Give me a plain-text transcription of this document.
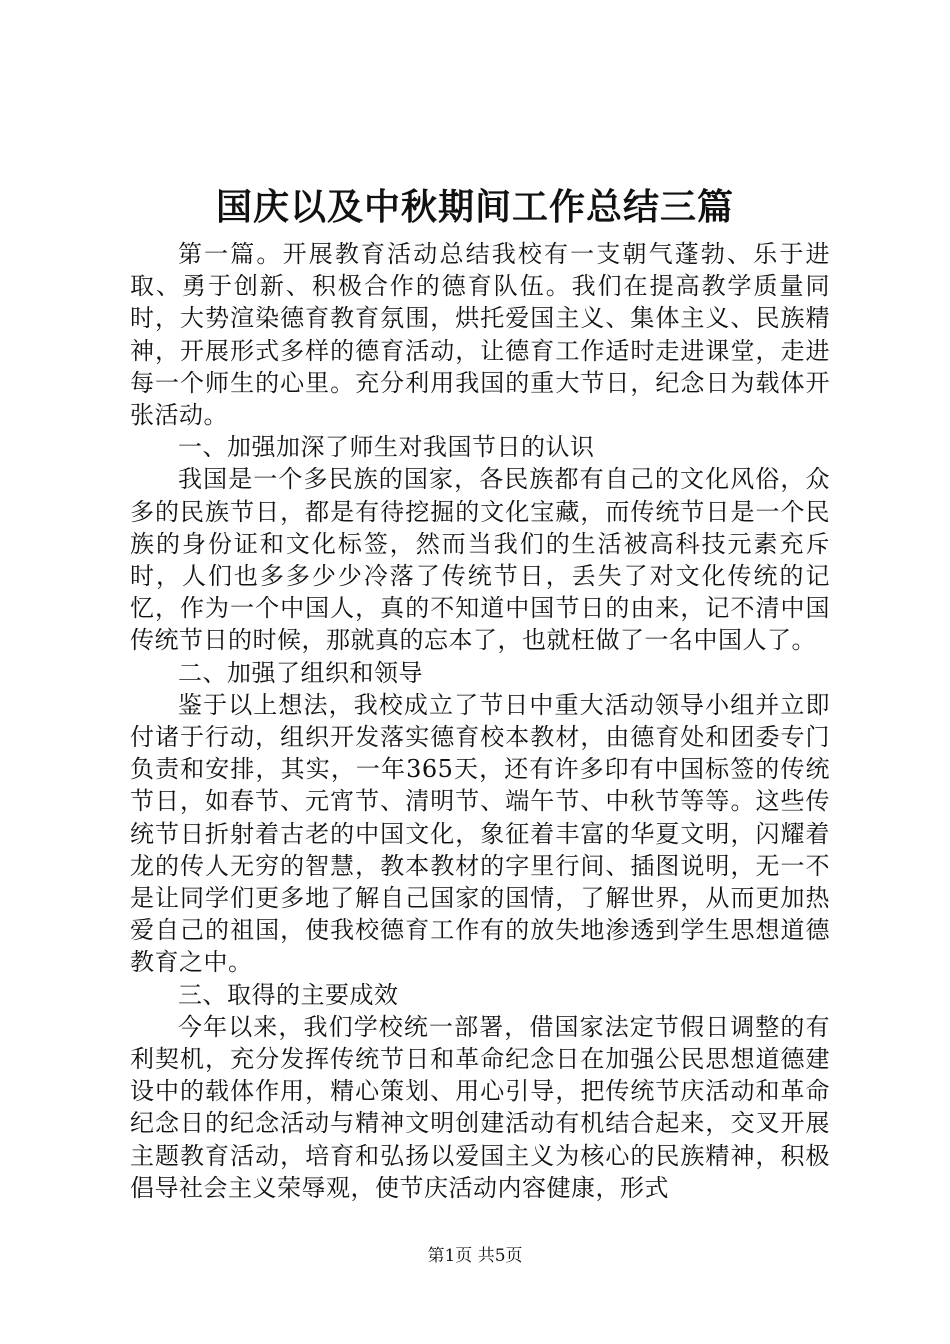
国庆以及中秋期间工作总结三篇

第一篇。开展教育活动总结我校有一支朝气蓬勃、乐于进取、勇于创新、积极合作的德育队伍。我们在提高教学质量同时，大势渲染德育教育氛围，烘托爱国主义、集体主义、民族精神，开展形式多样的德育活动，让德育工作适时走进课堂，走进每一个师生的心里。充分利用我国的重大节日，纪念日为载体开张活动。

一、加强加深了师生对我国节日的认识

我国是一个多民族的国家，各民族都有自己的文化风俗，众多的民族节日，都是有待挖掘的文化宝藏，而传统节日是一个民族的身份证和文化标签，然而当我们的生活被高科技元素充斥时，人们也多多少少冷落了传统节日，丢失了对文化传统的记忆，作为一个中国人，真的不知道中国节日的由来，记不清中国传统节日的时候，那就真的忘本了，也就枉做了一名中国人了。

二、加强了组织和领导

鉴于以上想法，我校成立了节日中重大活动领导小组并立即付诸于行动，组织开发落实德育校本教材，由德育处和团委专门负责和安排，其实，一年365天，还有许多印有中国标签的传统节日，如春节、元宵节、清明节、端午节、中秋节等等。这些传统节日折射着古老的中国文化，象征着丰富的华夏文明，闪耀着龙的传人无穷的智慧，教本教材的字里行间、插图说明，无一不是让同学们更多地了解自己国家的国情，了解世界，从而更加热爱自己的祖国，使我校德育工作有的放失地渗透到学生思想道德教育之中。

三、取得的主要成效

今年以来，我们学校统一部署，借国家法定节假日调整的有利契机，充分发挥传统节日和革命纪念日在加强公民思想道德建设中的载体作用，精心策划、用心引导，把传统节庆活动和革命纪念日的纪念活动与精神文明创建活动有机结合起来，交叉开展主题教育活动，培育和弘扬以爱国主义为核心的民族精神，积极倡导社会主义荣辱观，使节庆活动内容健康，形式

第1页 共5页
